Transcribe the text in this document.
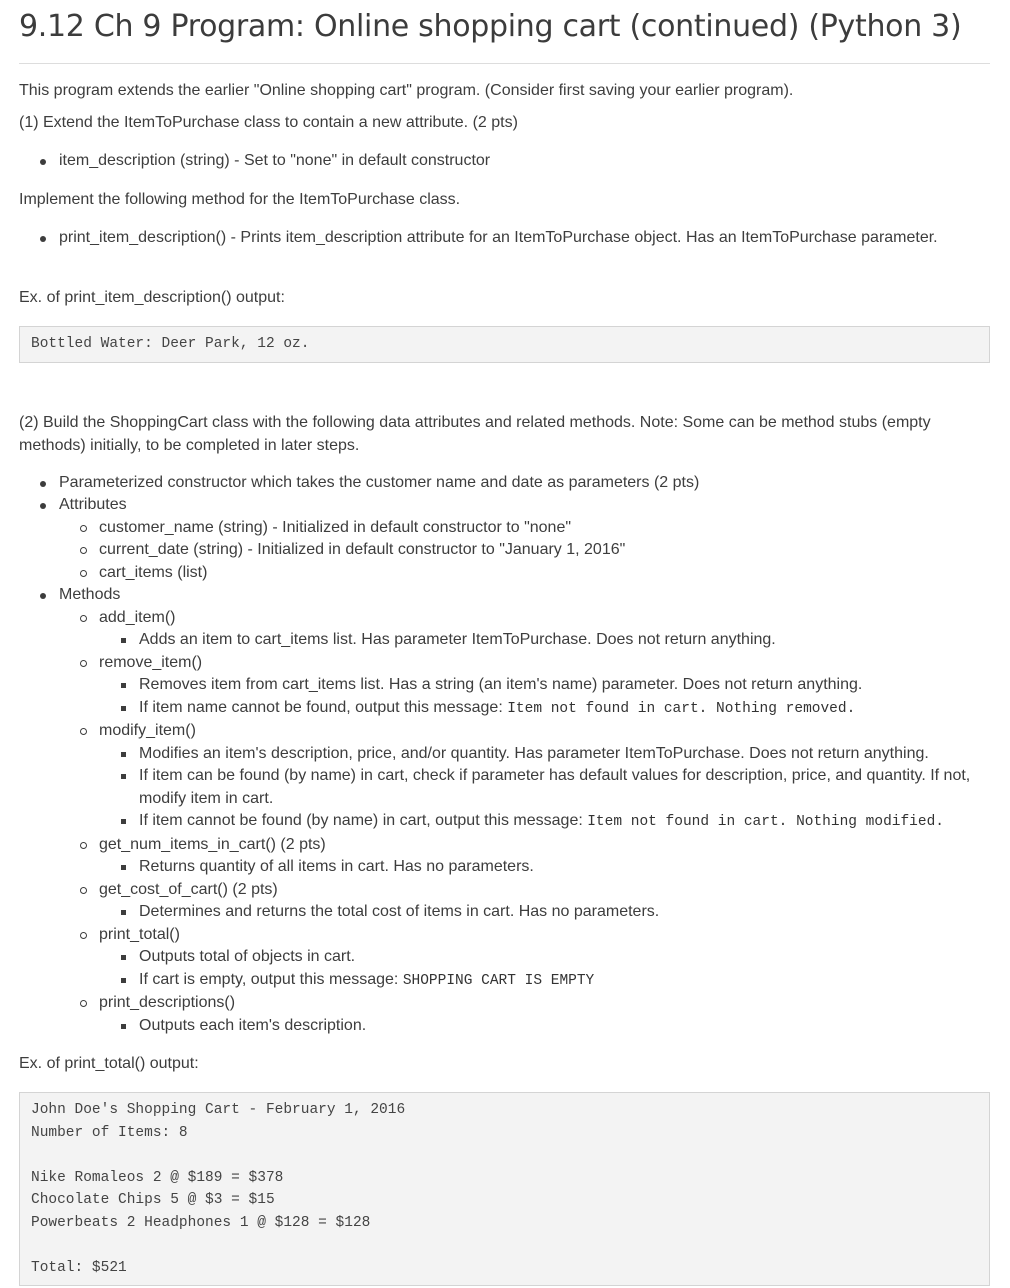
9.12 Ch 9 Program: Online shopping cart (continued) (Python 3)

This program extends the earlier "Online shopping cart" program. (Consider first saving your earlier program).

(1) Extend the ItemToPurchase class to contain a new attribute. (2 pts)

item_description (string) - Set to "none" in default constructor

Implement the following method for the ItemToPurchase class.

print_item_description() - Prints item_description attribute for an ItemToPurchase object. Has an ItemToPurchase parameter.

Ex. of print_item_description() output:

Bottled Water: Deer Park, 12 oz.

(2) Build the ShoppingCart class with the following data attributes and related methods. Note: Some can be method stubs (empty methods) initially, to be completed in later steps.

Parameterized constructor which takes the customer name and date as parameters (2 pts)
Attributes
customer_name (string) - Initialized in default constructor to "none"
current_date (string) - Initialized in default constructor to "January 1, 2016"
cart_items (list)
Methods
add_item()
Adds an item to cart_items list. Has parameter ItemToPurchase. Does not return anything.
remove_item()
Removes item from cart_items list. Has a string (an item's name) parameter. Does not return anything.
If item name cannot be found, output this message: Item not found in cart. Nothing removed.
modify_item()
Modifies an item's description, price, and/or quantity. Has parameter ItemToPurchase. Does not return anything.
If item can be found (by name) in cart, check if parameter has default values for description, price, and quantity. If not, modify item in cart.
If item cannot be found (by name) in cart, output this message: Item not found in cart. Nothing modified.
get_num_items_in_cart() (2 pts)
Returns quantity of all items in cart. Has no parameters.
get_cost_of_cart() (2 pts)
Determines and returns the total cost of items in cart. Has no parameters.
print_total()
Outputs total of objects in cart.
If cart is empty, output this message: SHOPPING CART IS EMPTY
print_descriptions()
Outputs each item's description.

Ex. of print_total() output:

John Doe's Shopping Cart - February 1, 2016
Number of Items: 8
Nike Romaleos 2 @ $189 = $378
Chocolate Chips 5 @ $3 = $15
Powerbeats 2 Headphones 1 @ $128 = $128
Total: $521
